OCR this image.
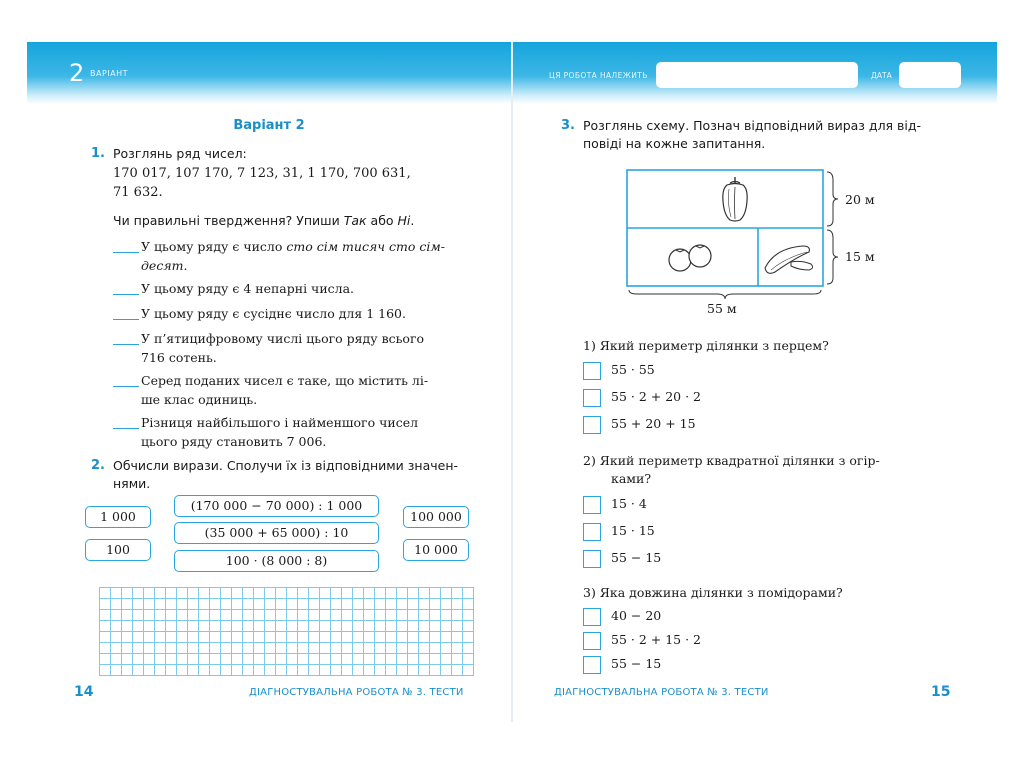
2 ВАРІАНТ
Варіант 2
1. Розглянь ряд чисел:
170 017, 107 170, 7 123, 31, 1 170, 700 631,
71 632.
Чи правильні твердження? Упиши Так або Ні.
У цьому ряду є число сто сім тисяч сто сім-
десят.
У цьому ряду є 4 непарні числа.
У цьому ряду є сусіднє число для 1 160.
У п’ятицифровому числі цього ряду всього
716 сотень.
Серед поданих чисел є таке, що містить лі-
ше клас одиниць.
Різниця найбільшого і найменшого чисел
цього ряду становить 7 006.
2. Обчисли вирази. Сполучи їх із відповідними значен-
нями.
1 000
100
(170 000 − 70 000) : 1 000
(35 000 + 65 000) : 10
100 · (8 000 : 8)
100 000
10 000
14	ДІАГНОСТУВАЛЬНА РОБОТА № 3. ТЕСТИ
ЦЯ РОБОТА НАЛЕЖИТЬ	ДАТА
3. Розглянь схему. Познач відповідний вираз для від-
повіді на кожне запитання.
20 м
15 м
55 м
1) Який периметр ділянки з перцем?
55 · 55
55 · 2 + 20 · 2
55 + 20 + 15
2) Який периметр квадратної ділянки з огір-
ками?
15 · 4
15 · 15
55 − 15
3) Яка довжина ділянки з помідорами?
40 − 20
55 · 2 + 15 · 2
55 − 15
ДІАГНОСТУВАЛЬНА РОБОТА № 3. ТЕСТИ	15
